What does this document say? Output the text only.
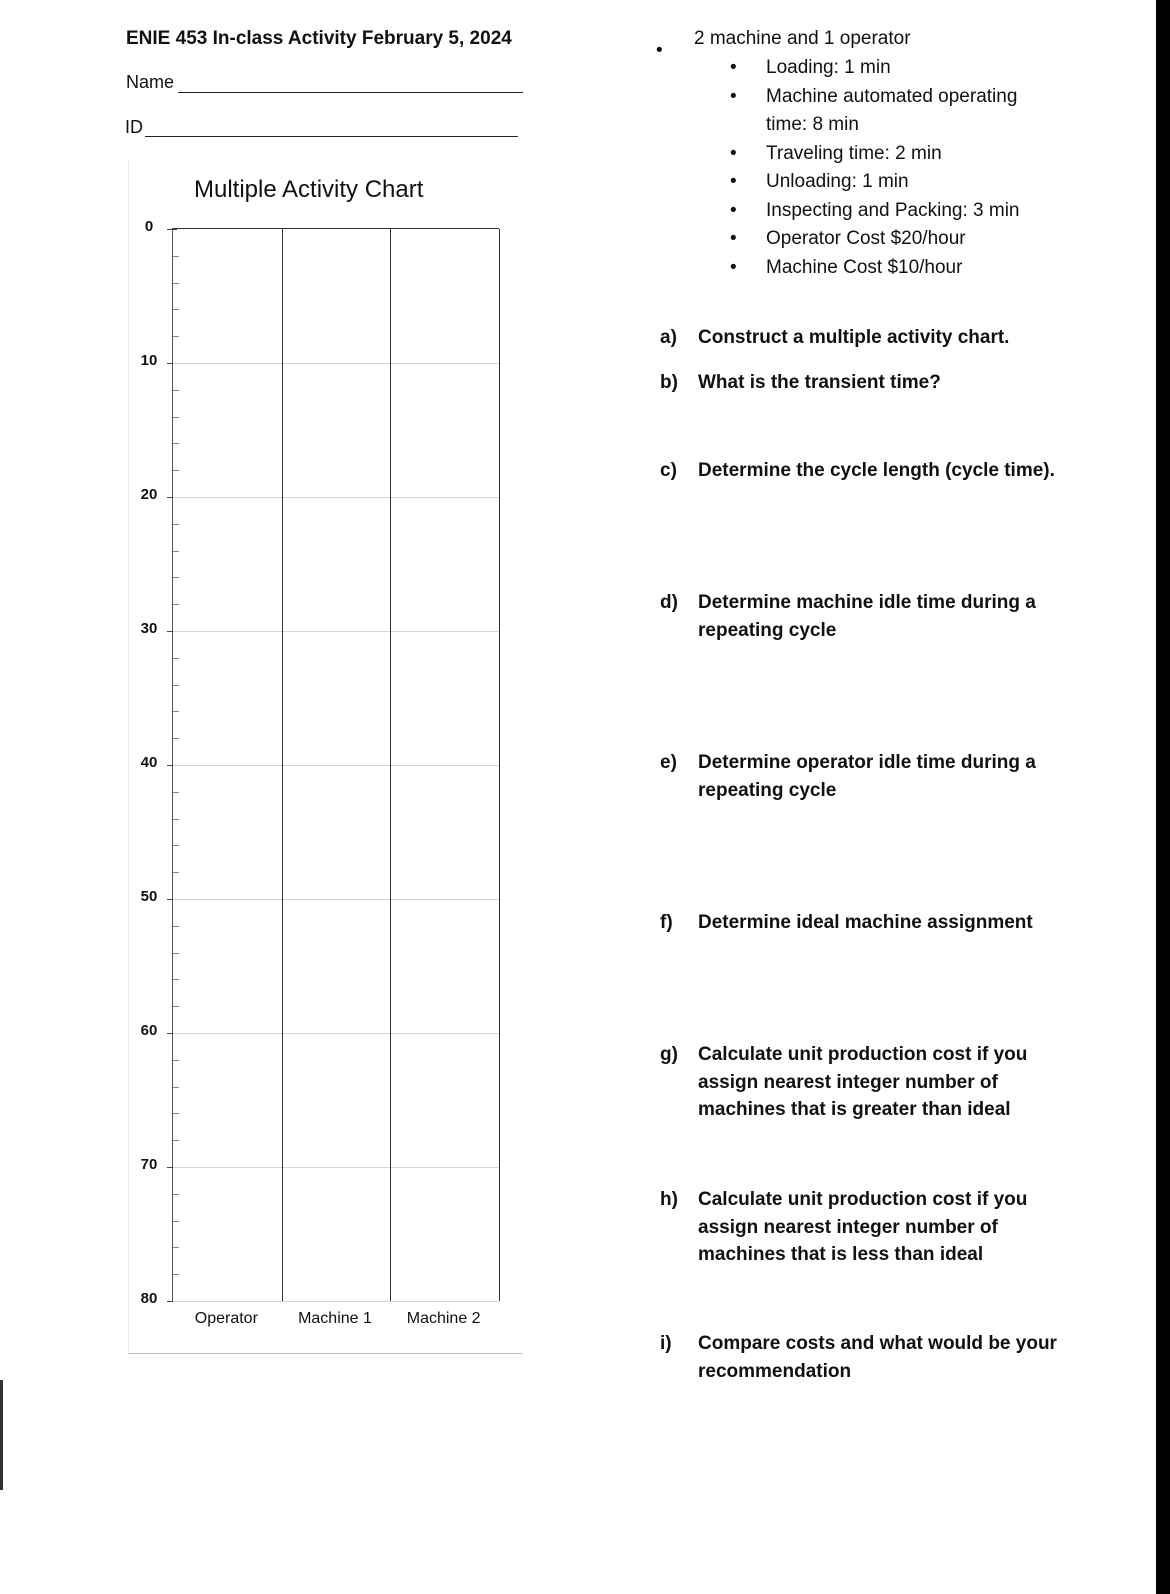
ENIE 453 In-class Activity February 5, 2024
Name
ID
Multiple Activity Chart
0
10
20
30
40
50
60
70
80
Operator	Machine 1	Machine 2
•
2 machine and 1 operator
• Loading: 1 min
• Machine automated operating time: 8 min
• Traveling time: 2 min
• Unloading: 1 min
• Inspecting and Packing: 3 min
• Operator Cost $20/hour
• Machine Cost $10/hour
a) Construct a multiple activity chart.
b) What is the transient time?
c) Determine the cycle length (cycle time).
d) Determine machine idle time during a repeating cycle
e) Determine operator idle time during a repeating cycle
f) Determine ideal machine assignment
g) Calculate unit production cost if you assign nearest integer number of machines that is greater than ideal
h) Calculate unit production cost if you assign nearest integer number of machines that is less than ideal
i) Compare costs and what would be your recommendation
